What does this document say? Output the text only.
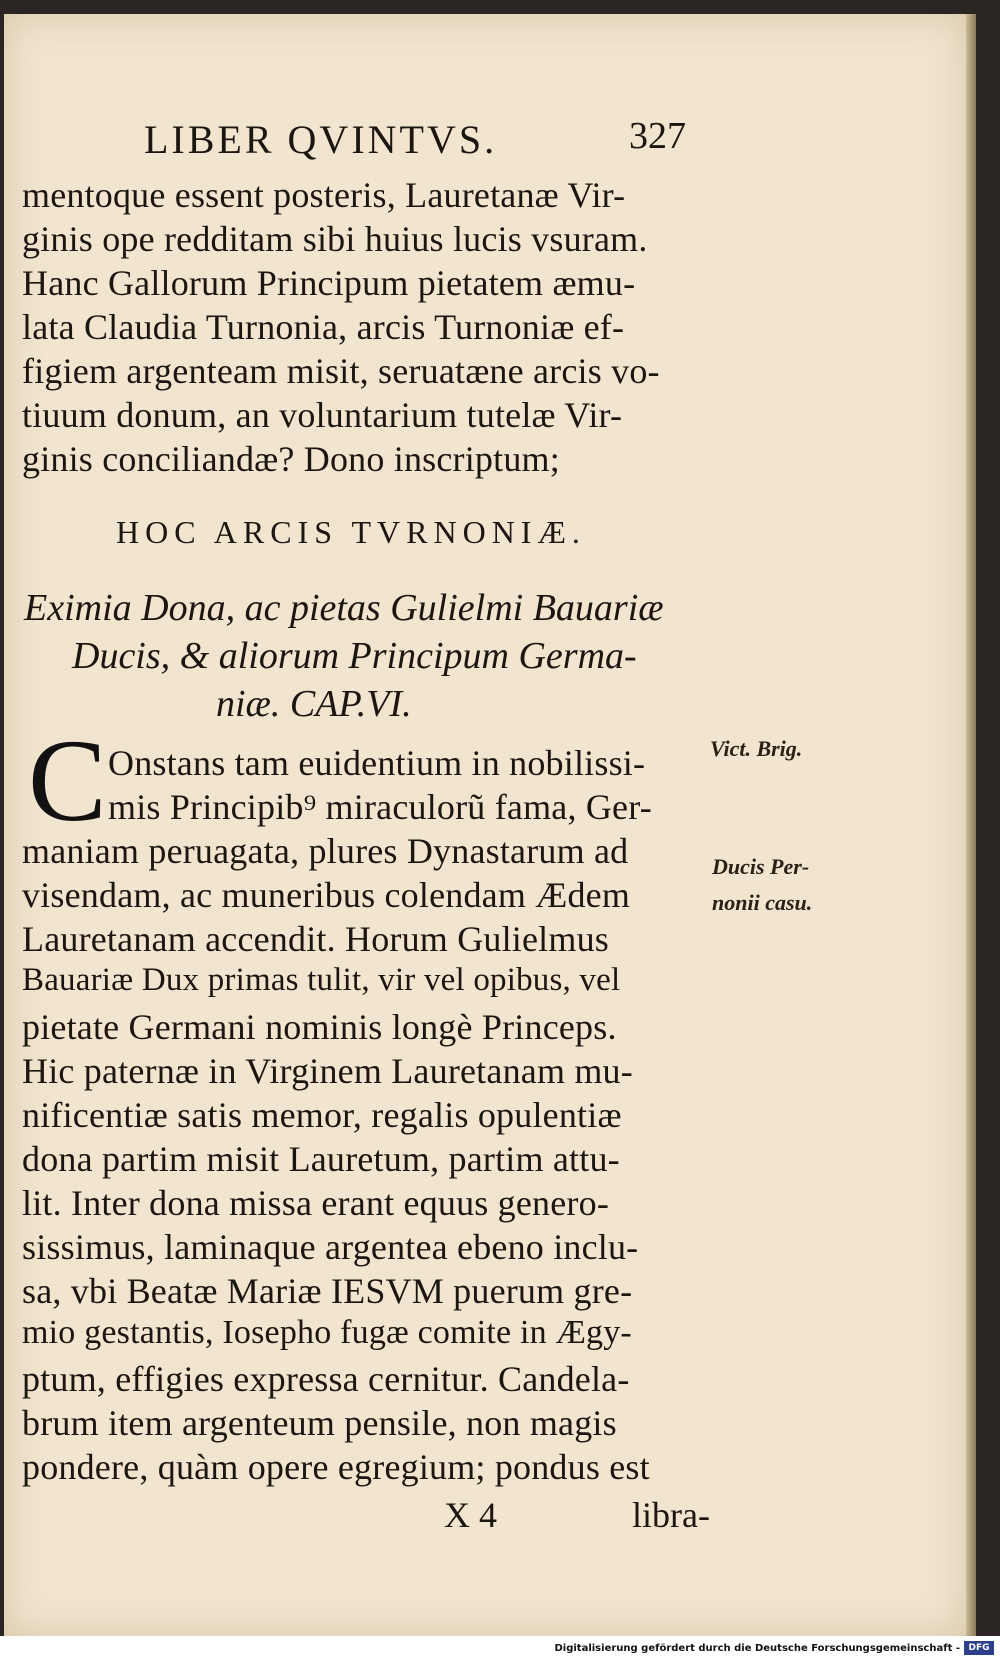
LIBER QVINTVS.	327
mentoque essent posteris, Lauretanæ Vir-
ginis ope redditam sibi huius lucis vsuram.
Hanc Gallorum Principum pietatem æmu-
lata Claudia Turnonia, arcis Turnoniæ ef-
figiem argenteam misit, seruatæne arcis vo-
tiuum donum, an voluntarium tutelæ Vir-
ginis conciliandæ? Dono inscriptum;
HOC ARCIS TVRNONIÆ.
Eximia Dona, ac pietas Gulielmi Bauariæ
Ducis, & aliorum Principum Germa-
niæ. CAP.VI.
C Onstans tam euidentium in nobilissi-
mis Principib⁹ miraculorũ fama, Ger-
maniam peruagata, plures Dynastarum ad
visendam, ac muneribus colendam Ædem
Lauretanam accendit. Horum Gulielmus
Bauariæ Dux primas tulit, vir vel opibus, vel
pietate Germani nominis longè Princeps.
Hic paternæ in Virginem Lauretanam mu-
nificentiæ satis memor, regalis opulentiæ
dona partim misit Lauretum, partim attu-
lit. Inter dona missa erant equus genero-
sissimus, laminaque argentea ebeno inclu-
sa, vbi Beatæ Mariæ IESVM puerum gre-
mio gestantis, Iosepho fugæ comite in Ægy-
ptum, effigies expressa cernitur. Candela-
brum item argenteum pensile, non magis
pondere, quàm opere egregium; pondus est
X 4	libra-
Vict. Brig.
Ducis Per-
nonii casu.
Digitalisierung gefördert durch die Deutsche Forschungsgemeinschaft - DFG
